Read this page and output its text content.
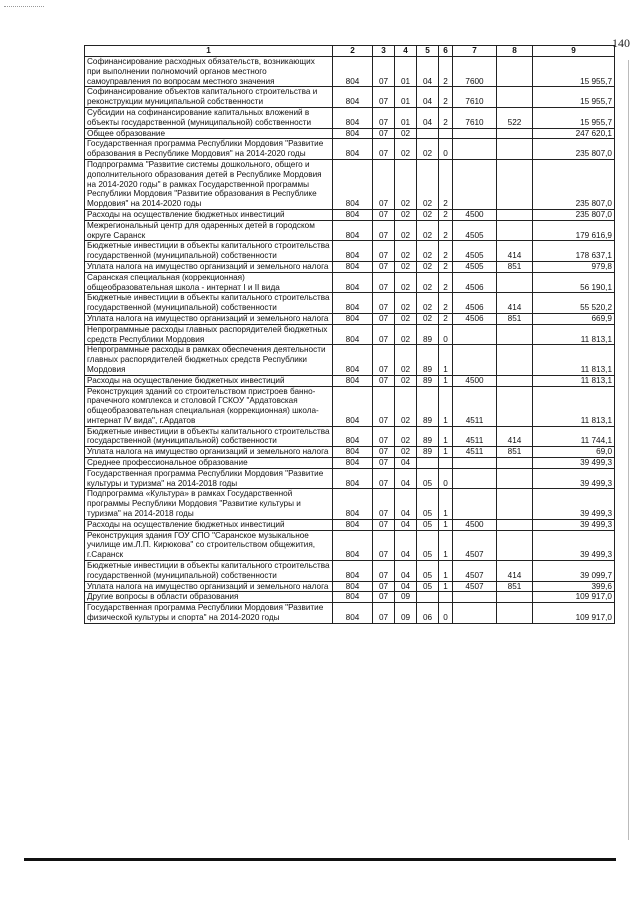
140
1	2	3	4	5	6	7	8	9
Софинансирование расходных обязательств, возникающих при выполнении полномочий органов местного самоуправления по вопросам местного значения	804	07	01	04	2	7600		15 955,7
Софинансирование объектов капитального строительства и реконструкции муниципальной собственности	804	07	01	04	2	7610		15 955,7
Субсидии на софинансирование капитальных вложений в объекты государственной (муниципальной) собственности	804	07	01	04	2	7610	522	15 955,7
Общее образование	804	07	02					247 620,1
Государственная программа Республики Мордовия "Развитие образования в Республике Мордовия" на 2014-2020 годы	804	07	02	02	0			235 807,0
Подпрограмма "Развитие системы дошкольного, общего и дополнительного образования детей в Республике Мордовия на 2014-2020 годы" в рамках Государственной программы Республики Мордовия "Развитие образования в Республике Мордовия" на 2014-2020 годы	804	07	02	02	2			235 807,0
Расходы на осуществление бюджетных инвестиций	804	07	02	02	2	4500		235 807,0
Межрегиональный центр для одаренных детей в городском округе Саранск	804	07	02	02	2	4505		179 616,9
Бюджетные инвестиции в объекты капитального строительства государственной (муниципальной) собственности	804	07	02	02	2	4505	414	178 637,1
Уплата налога на имущество организаций и земельного налога	804	07	02	02	2	4505	851	979,8
Саранская специальная (коррекционная) общеобразовательная школа - интернат I и II вида	804	07	02	02	2	4506		56 190,1
Бюджетные инвестиции в объекты капитального строительства государственной (муниципальной) собственности	804	07	02	02	2	4506	414	55 520,2
Уплата налога на имущество организаций и земельного налога	804	07	02	02	2	4506	851	669,9
Непрограммные расходы главных распорядителей бюджетных средств Республики Мордовия	804	07	02	89	0			11 813,1
Непрограммные расходы в рамках обеспечения деятельности главных распорядителей бюджетных средств Республики Мордовия	804	07	02	89	1			11 813,1
Расходы на осуществление бюджетных инвестиций	804	07	02	89	1	4500		11 813,1
Реконструкция зданий со строительством пристроев банно-прачечного комплекса и столовой ГСКОУ "Ардатовская общеобразовательная специальная (коррекционная) школа-интернат IV вида", г.Ардатов	804	07	02	89	1	4511		11 813,1
Бюджетные инвестиции в объекты капитального строительства государственной (муниципальной) собственности	804	07	02	89	1	4511	414	11 744,1
Уплата налога на имущество организаций и земельного налога	804	07	02	89	1	4511	851	69,0
Среднее профессиональное образование	804	07	04					39 499,3
Государственная программа Республики Мордовия "Развитие культуры и туризма" на 2014-2018 годы	804	07	04	05	0			39 499,3
Подпрограмма «Культура» в рамках Государственной программы Республики Мордовия "Развитие культуры и туризма" на 2014-2018 годы	804	07	04	05	1			39 499,3
Расходы на осуществление бюджетных инвестиций	804	07	04	05	1	4500		39 499,3
Реконструкция здания ГОУ СПО "Саранское музыкальное училище им.Л.П. Кирюкова" со строительством общежития, г.Саранск	804	07	04	05	1	4507		39 499,3
Бюджетные инвестиции в объекты капитального строительства государственной (муниципальной) собственности	804	07	04	05	1	4507	414	39 099,7
Уплата налога на имущество организаций и земельного налога	804	07	04	05	1	4507	851	399,6
Другие вопросы в области образования	804	07	09					109 917,0
Государственная программа Республики Мордовия "Развитие физической культуры и спорта" на 2014-2020 годы	804	07	09	06	0			109 917,0
